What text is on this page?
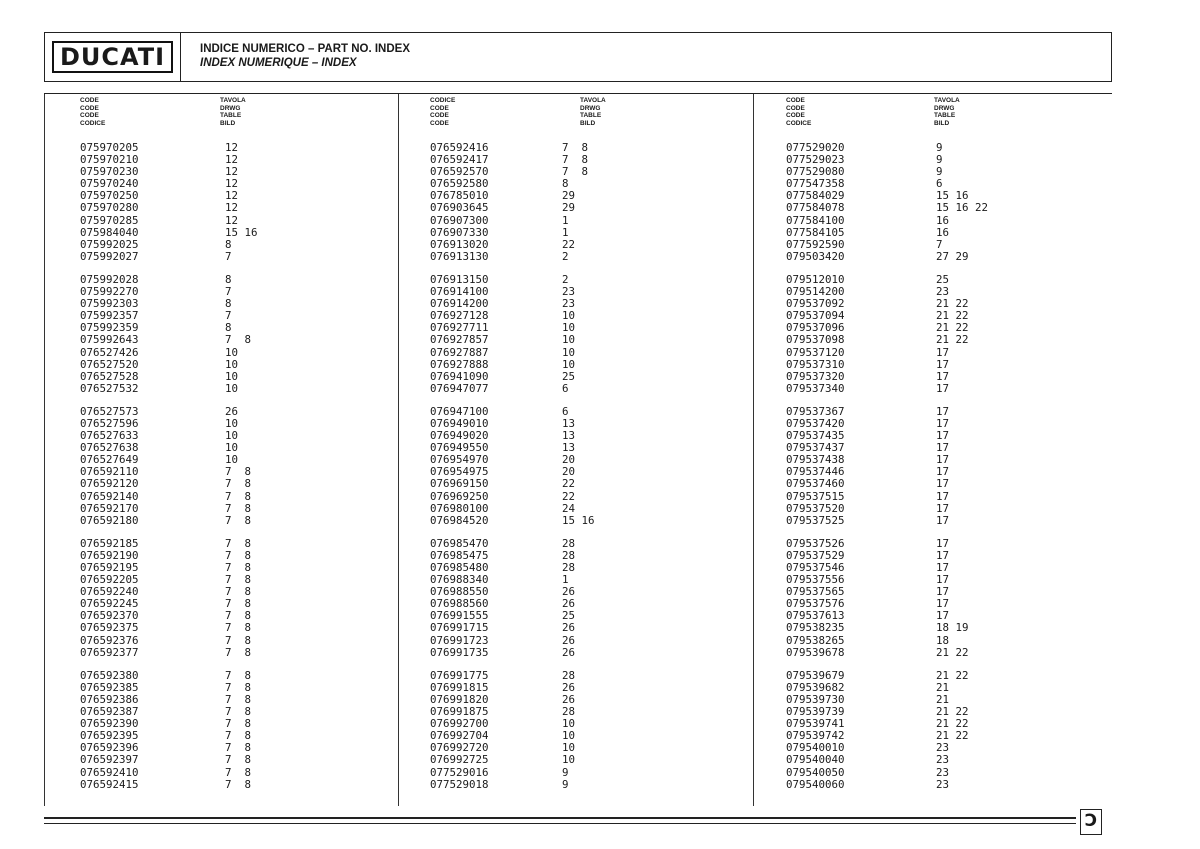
DUCATI	INDICE NUMERICO – PART NO. INDEX
INDEX NUMERIQUE – INDEX
CODE
CODE
CODE
CODICE
TAVOLA
DRWG
TABLE
BILD
075970205	12
075970210	12
075970230	12
075970240	12
075970250	12
075970280	12
075970285	12
075984040	15 16
075992025	8
075992027	7
075992028	8
075992270	7
075992303	8
075992357	7
075992359	8
075992643	7  8
076527426	10
076527520	10
076527528	10
076527532	10
076527573	26
076527596	10
076527633	10
076527638	10
076527649	10
076592110	7  8
076592120	7  8
076592140	7  8
076592170	7  8
076592180	7  8
076592185	7  8
076592190	7  8
076592195	7  8
076592205	7  8
076592240	7  8
076592245	7  8
076592370	7  8
076592375	7  8
076592376	7  8
076592377	7  8
076592380	7  8
076592385	7  8
076592386	7  8
076592387	7  8
076592390	7  8
076592395	7  8
076592396	7  8
076592397	7  8
076592410	7  8
076592415	7  8
CODICE
CODE
CODE
CODE
TAVOLA
DRWG
TABLE
BILD
076592416	7  8
076592417	7  8
076592570	7  8
076592580	8
076785010	29
076903645	29
076907300	1
076907330	1
076913020	22
076913130	2
076913150	2
076914100	23
076914200	23
076927128	10
076927711	10
076927857	10
076927887	10
076927888	10
076941090	25
076947077	6
076947100	6
076949010	13
076949020	13
076949550	13
076954970	20
076954975	20
076969150	22
076969250	22
076980100	24
076984520	15 16
076985470	28
076985475	28
076985480	28
076988340	1
076988550	26
076988560	26
076991555	25
076991715	26
076991723	26
076991735	26
076991775	28
076991815	26
076991820	26
076991875	28
076992700	10
076992704	10
076992720	10
076992725	10
077529016	9
077529018	9
CODE
CODE
CODE
CODICE
TAVOLA
DRWG
TABLE
BILD
077529020	9
077529023	9
077529080	9
077547358	6
077584029	15 16
077584078	15 16 22
077584100	16
077584105	16
077592590	7
079503420	27 29
079512010	25
079514200	23
079537092	21 22
079537094	21 22
079537096	21 22
079537098	21 22
079537120	17
079537310	17
079537320	17
079537340	17
079537367	17
079537420	17
079537435	17
079537437	17
079537438	17
079537446	17
079537460	17
079537515	17
079537520	17
079537525	17
079537526	17
079537529	17
079537546	17
079537556	17
079537565	17
079537576	17
079537613	17
079538235	18 19
079538265	18
079539678	21 22
079539679	21 22
079539682	21
079539730	21
079539739	21 22
079539741	21 22
079539742	21 22
079540010	23
079540040	23
079540050	23
079540060	23
Ↄ
